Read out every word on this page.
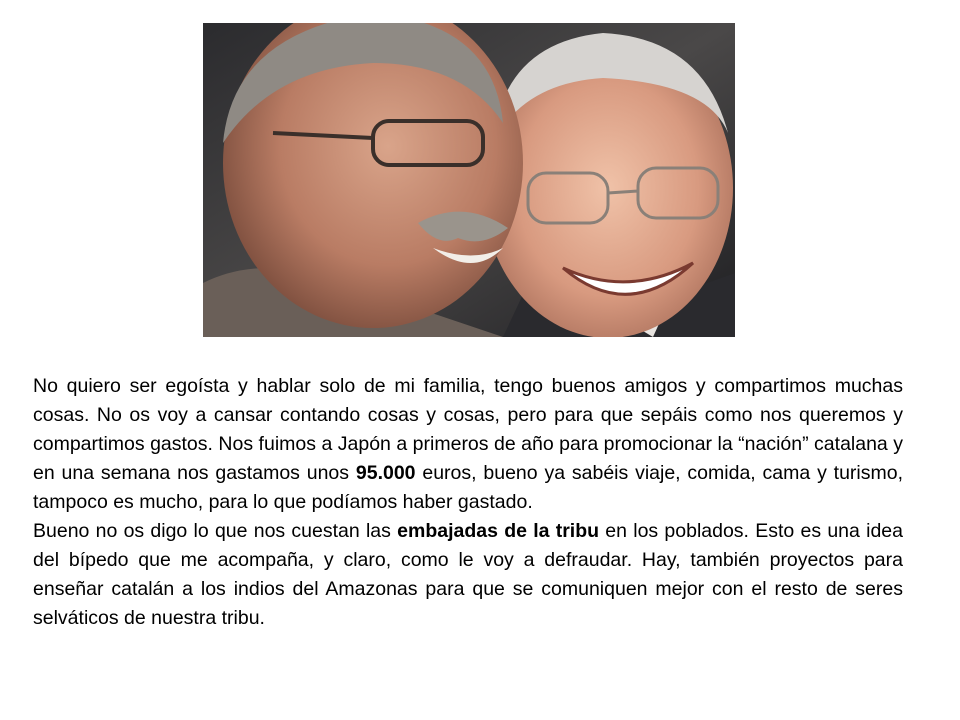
No quiero ser egoísta y hablar solo de mi familia, tengo buenos amigos y compartimos muchas cosas. No os voy a cansar contando cosas y cosas, pero para que sepáis como nos queremos y compartimos gastos. Nos fuimos a Japón a primeros de año para promocionar la “nación” catalana y en una semana nos gastamos unos 95.000 euros, bueno ya sabéis viaje, comida, cama y turismo, tampoco es mucho, para lo que podíamos haber gastado.

Bueno no os digo lo que nos cuestan las embajadas de la tribu en los poblados. Esto es una idea del bípedo que me acompaña, y claro, como le voy a defraudar. Hay, también proyectos para enseñar catalán a los indios del Amazonas para que se comuniquen mejor con el resto de seres selváticos de nuestra tribu.
